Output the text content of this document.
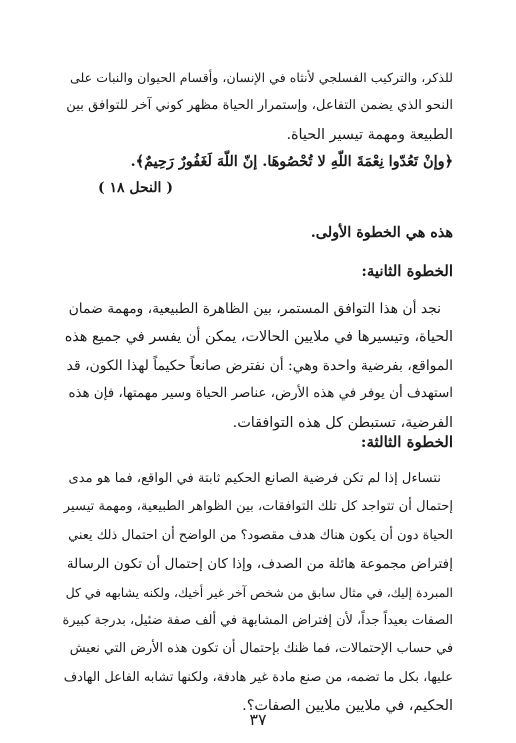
للذكر، والتركيب الفسلجي لأنثاه في الإنسان، وأقسام الحيوان والنبات على
النحو الذي يضمن التفاعل، وإستمرار الحياة مظهر كوني آخر للتوافق بين
الطبيعة ومهمة تيسير الحياة.
﴿وإنْ تَعُدّوا نِعْمَةَ اللّهِ لا تُحْصُوهَا. إنّ اللّهَ لَغَفُورٌ رَحِيمٌ﴾.
( النحل ١٨ )
هذه هي الخطوة الأولى.
الخطوة الثانية:
نجد أن هذا التوافق المستمر، بين الظاهرة الطبيعية، ومهمة ضمان
الحياة، وتيسيرها في ملايين الحالات، يمكن أن يفسر في جميع هذه
المواقع، بفرضية واحدة وهي: أن نفترض صانعاً حكيماً لهذا الكون، قد
استهدف أن يوفر في هذه الأرض، عناصر الحياة وسير مهمتها، فإن هذه
الفرضية، تستبطن كل هذه التوافقات.
الخطوة الثالثة:
نتساءل إذا لم تكن فرضية الصانع الحكيم ثابتة في الواقع، فما هو مدى
إحتمال أن تتواجد كل تلك التوافقات، بين الظواهر الطبيعية، ومهمة تيسير
الحياة دون أن يكون هناك هدف مقصود؟ من الواضح أن احتمال ذلك يعني
إفتراض مجموعة هائلة من الصدف، وإذا كان إحتمال أن تكون الرسالة
المبردة إليك، في مثال سابق من شخص آخر غير أخيك، ولكنه يشابهه في كل
الصفات بعيداً جداً، لأن إفتراض المشابهة في ألف صفة ضئيل، بدرجة كبيرة
في حساب الإحتمالات، فما ظنك بإحتمال أن تكون هذه الأرض التي نعيش
عليها، بكل ما تضمه، من صنع مادة غير هادفة، ولكنها تشابه الفاعل الهادف
الحكيم، في ملايين ملايين الصفات؟.
٣٧
